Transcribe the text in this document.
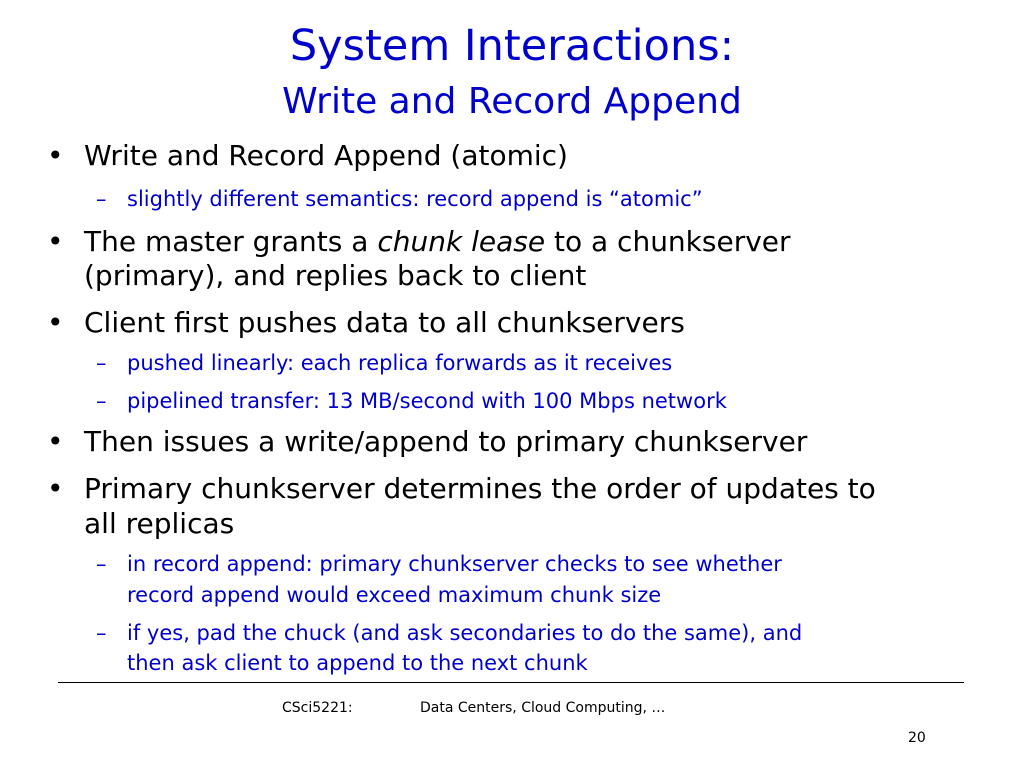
System Interactions:
Write and Record Append
• Write and Record Append (atomic)
– slightly different semantics: record append is “atomic”
• The master grants a chunk lease to a chunkserver
(primary), and replies back to client
• Client first pushes data to all chunkservers
– pushed linearly: each replica forwards as it receives
– pipelined transfer: 13 MB/second with 100 Mbps network
• Then issues a write/append to primary chunkserver
• Primary chunkserver determines the order of updates to
all replicas
– in record append: primary chunkserver checks to see whether
record append would exceed maximum chunk size
– if yes, pad the chuck (and ask secondaries to do the same), and
then ask client to append to the next chunk
CSci5221:	Data Centers, Cloud Computing, …
20
